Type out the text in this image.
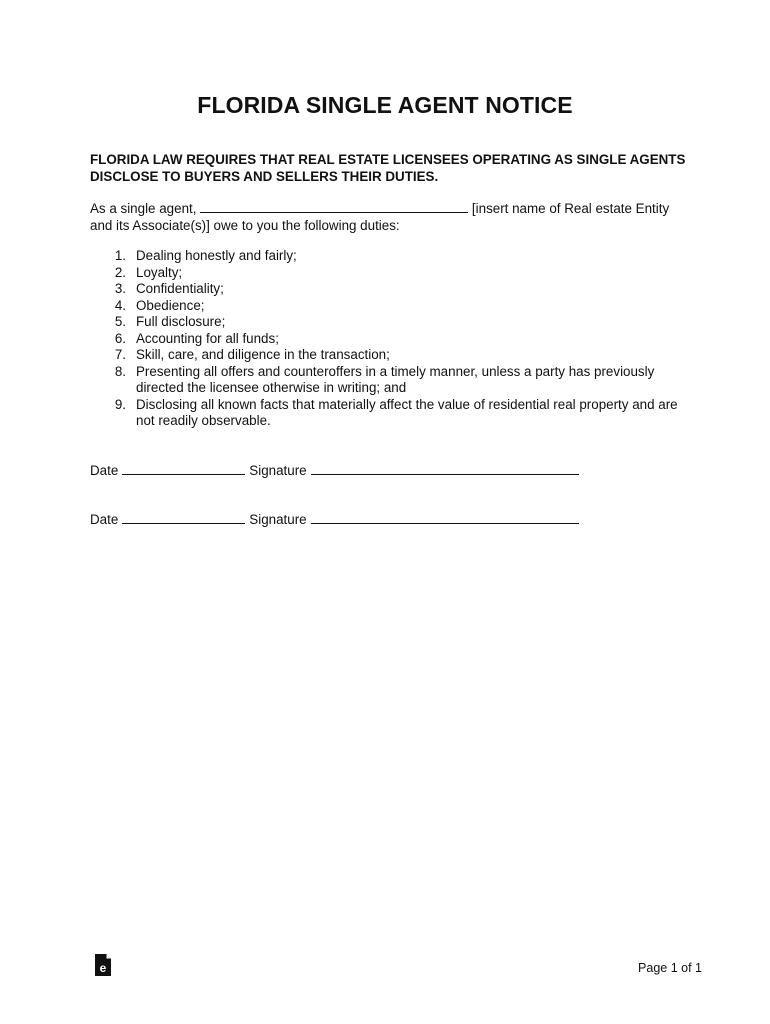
FLORIDA SINGLE AGENT NOTICE

FLORIDA LAW REQUIRES THAT REAL ESTATE LICENSEES OPERATING AS SINGLE AGENTS DISCLOSE TO BUYERS AND SELLERS THEIR DUTIES.

As a single agent,	[insert name of Real estate Entity and its Associate(s)] owe to you the following duties:

1. Dealing honestly and fairly;
2. Loyalty;
3. Confidentiality;
4. Obedience;
5. Full disclosure;
6. Accounting for all funds;
7. Skill, care, and diligence in the transaction;
8. Presenting all offers and counteroffers in a timely manner, unless a party has previously directed the licensee otherwise in writing; and
9. Disclosing all known facts that materially affect the value of residential real property and are not readily observable.
Date	Signature
Date	Signature
e	Page 1 of 1
